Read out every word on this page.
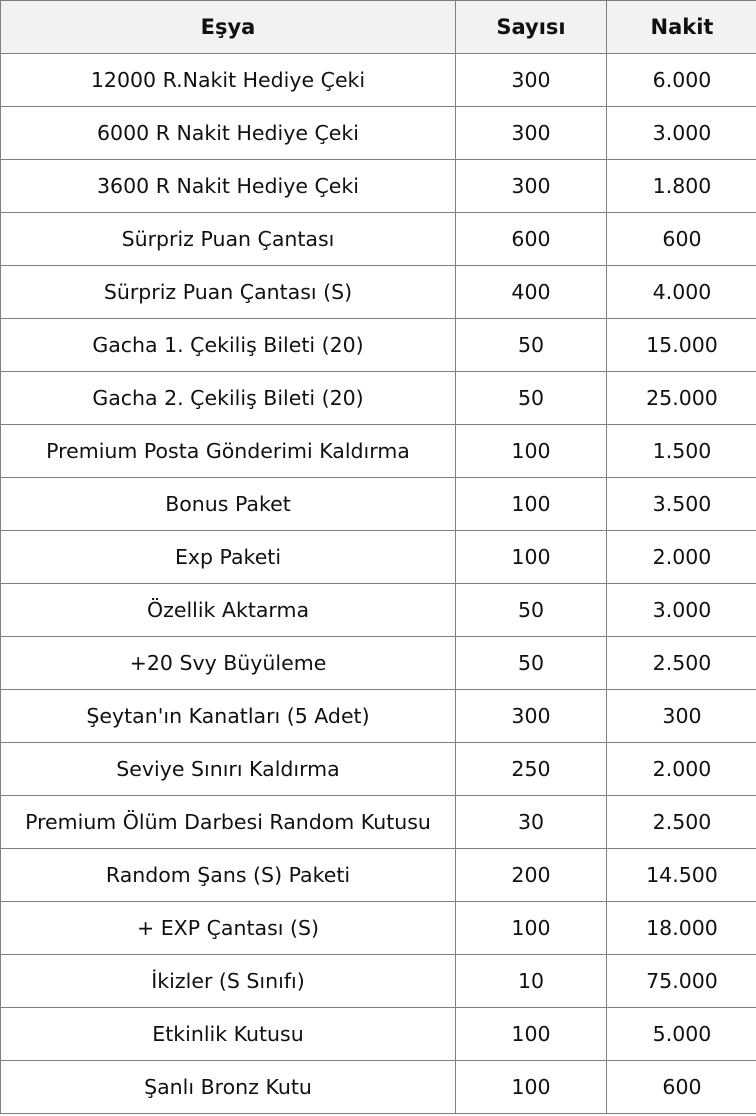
Eşya	Sayısı	Nakit
12000 R.Nakit Hediye Çeki	300	6.000
6000 R Nakit Hediye Çeki	300	3.000
3600 R Nakit Hediye Çeki	300	1.800
Sürpriz Puan Çantası	600	600
Sürpriz Puan Çantası (S)	400	4.000
Gacha 1. Çekiliş Bileti (20)	50	15.000
Gacha 2. Çekiliş Bileti (20)	50	25.000
Premium Posta Gönderimi Kaldırma	100	1.500
Bonus Paket	100	3.500
Exp Paketi	100	2.000
Özellik Aktarma	50	3.000
+20 Svy Büyüleme	50	2.500
Şeytan'ın Kanatları (5 Adet)	300	300
Seviye Sınırı Kaldırma	250	2.000
Premium Ölüm Darbesi Random Kutusu	30	2.500
Random Şans (S) Paketi	200	14.500
+ EXP Çantası (S)	100	18.000
İkizler (S Sınıfı)	10	75.000
Etkinlik Kutusu	100	5.000
Şanlı Bronz Kutu	100	600
